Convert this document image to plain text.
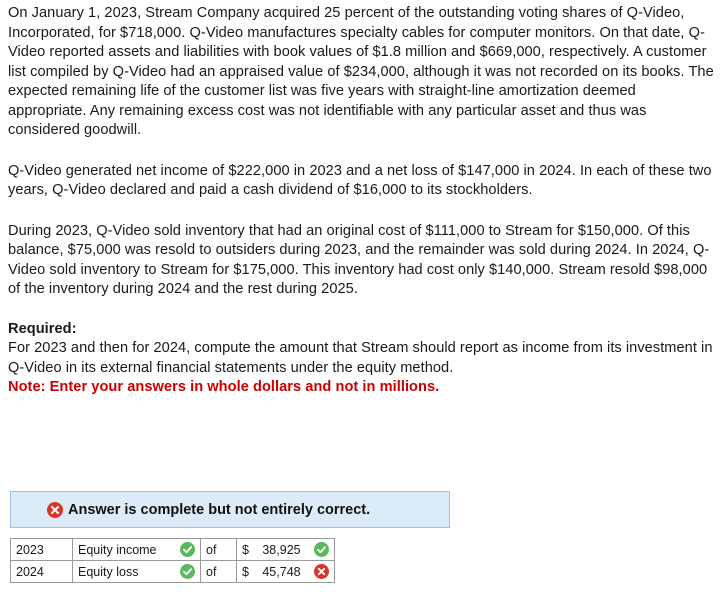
On January 1, 2023, Stream Company acquired 25 percent of the outstanding voting shares of Q-Video, Incorporated, for $718,000. Q-Video manufactures specialty cables for computer monitors. On that date, Q-Video reported assets and liabilities with book values of $1.8 million and $669,000, respectively. A customer list compiled by Q-Video had an appraised value of $234,000, although it was not recorded on its books. The expected remaining life of the customer list was five years with straight-line amortization deemed appropriate. Any remaining excess cost was not identifiable with any particular asset and thus was considered goodwill.

Q-Video generated net income of $222,000 in 2023 and a net loss of $147,000 in 2024. In each of these two years, Q-Video declared and paid a cash dividend of $16,000 to its stockholders.

During 2023, Q-Video sold inventory that had an original cost of $111,000 to Stream for $150,000. Of this balance, $75,000 was resold to outsiders during 2023, and the remainder was sold during 2024. In 2024, Q-Video sold inventory to Stream for $175,000. This inventory had cost only $140,000. Stream resold $98,000 of the inventory during 2024 and the rest during 2025.

Required:

For 2023 and then for 2024, compute the amount that Stream should report as income from its investment in Q-Video in its external financial statements under the equity method.

Note: Enter your answers in whole dollars and not in millions.

Answer is complete but not entirely correct.
2023	Equity income	of	$ 38,925

2024	Equity loss	of	$ 45,748
